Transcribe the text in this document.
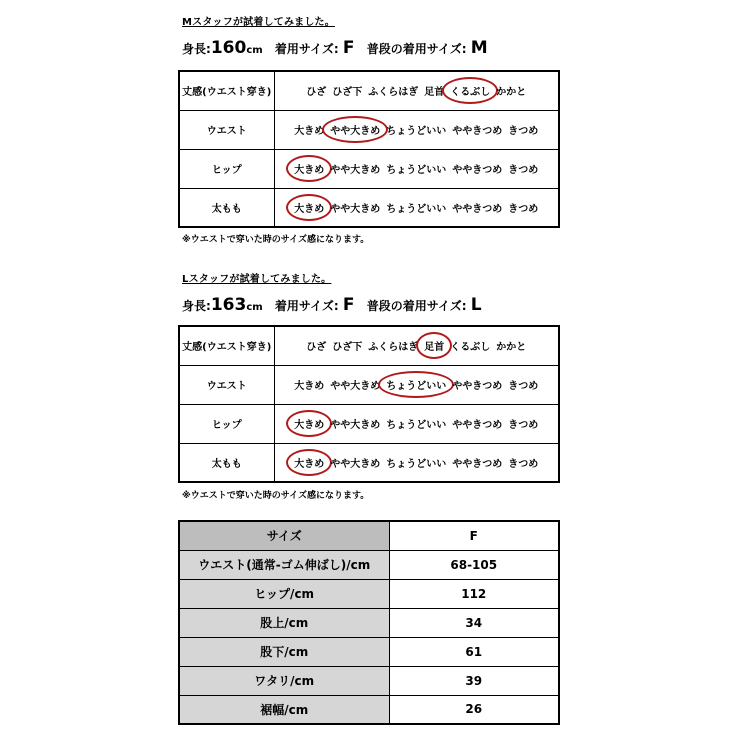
Mスタッフが試着してみました。
身長:160cm 着用サイズ: F 普段の着用サイズ: M
丈感(ウエスト穿き)	ひざ ひざ下 ふくらはぎ 足首 くるぶし かかと
ウエスト	大きめ やや大きめ ちょうどいい ややきつめ きつめ
ヒップ	大きめ やや大きめ ちょうどいい ややきつめ きつめ
太もも	大きめ やや大きめ ちょうどいい ややきつめ きつめ
※ウエストで穿いた時のサイズ感になります。
Lスタッフが試着してみました。
身長:163cm 着用サイズ: F 普段の着用サイズ: L
丈感(ウエスト穿き)	ひざ ひざ下 ふくらはぎ 足首 くるぶし かかと
ウエスト	大きめ やや大きめ ちょうどいい ややきつめ きつめ
ヒップ	大きめ やや大きめ ちょうどいい ややきつめ きつめ
太もも	大きめ やや大きめ ちょうどいい ややきつめ きつめ
※ウエストで穿いた時のサイズ感になります。
サイズ	F
ウエスト(通常-ゴム伸ばし)/cm	68-105
ヒップ/cm	112
股上/cm	34
股下/cm	61
ワタリ/cm	39
裾幅/cm	26
